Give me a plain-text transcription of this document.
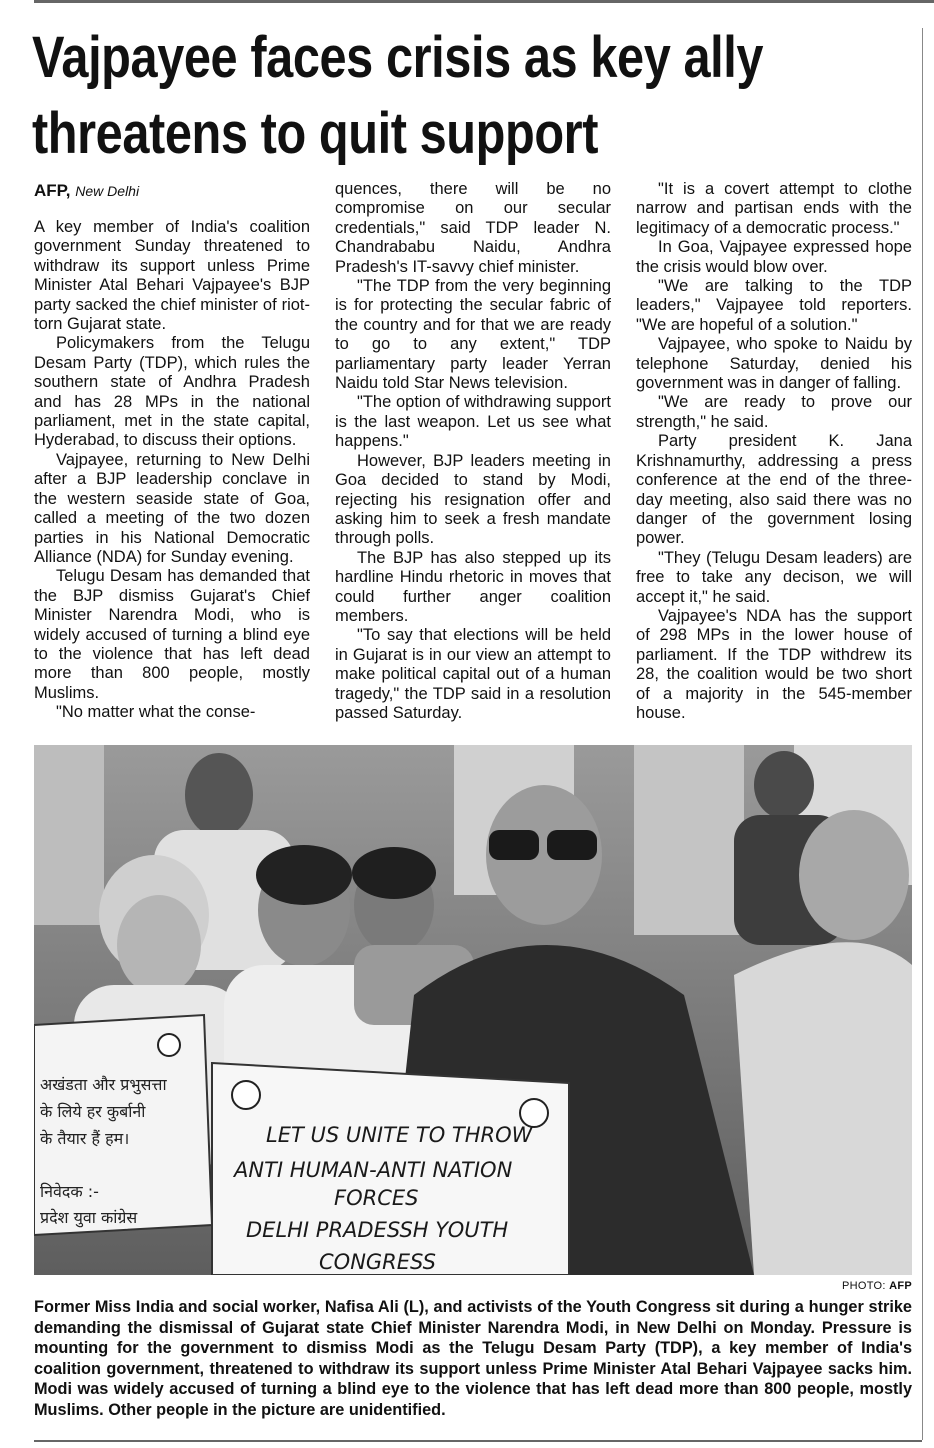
Vajpayee faces crisis as key ally
threatens to quit support
AFP, New Delhi

A key member of India's coalition government Sunday threatened to withdraw its support unless Prime Minister Atal Behari Vajpayee's BJP party sacked the chief minister of riot-torn Gujarat state.

Policymakers from the Telugu Desam Party (TDP), which rules the southern state of Andhra Pradesh and has 28 MPs in the national parliament, met in the state capital, Hyderabad, to discuss their options.

Vajpayee, returning to New Delhi after a BJP leadership conclave in the western seaside state of Goa, called a meeting of the two dozen parties in his National Democratic Alliance (NDA) for Sunday evening.

Telugu Desam has demanded that the BJP dismiss Gujarat's Chief Minister Narendra Modi, who is widely accused of turning a blind eye to the violence that has left dead more than 800 people, mostly Muslims.

"No matter what the conse-

quences, there will be no compromise on our secular credentials," said TDP leader N. Chandrababu Naidu, Andhra Pradesh's IT-savvy chief minister.

"The TDP from the very beginning is for protecting the secular fabric of the country and for that we are ready to go to any extent," TDP parliamentary party leader Yerran Naidu told Star News television.

"The option of withdrawing support is the last weapon. Let us see what happens."

However, BJP leaders meeting in Goa decided to stand by Modi, rejecting his resignation offer and asking him to seek a fresh mandate through polls.

The BJP has also stepped up its hardline Hindu rhetoric in moves that could further anger coalition members.

"To say that elections will be held in Gujarat is in our view an attempt to make political capital out of a human tragedy," the TDP said in a resolution passed Saturday.

"It is a covert attempt to clothe narrow and partisan ends with the legitimacy of a democratic process."

In Goa, Vajpayee expressed hope the crisis would blow over.

"We are talking to the TDP leaders," Vajpayee told reporters. "We are hopeful of a solution."

Vajpayee, who spoke to Naidu by telephone Saturday, denied his government was in danger of falling.

"We are ready to prove our strength," he said.

Party president K. Jana Krishnamurthy, addressing a press conference at the end of the three-day meeting, also said there was no danger of the government losing power.

"They (Telugu Desam leaders) are free to take any decison, we will accept it," he said.

Vajpayee's NDA has the support of 298 MPs in the lower house of parliament. If the TDP withdrew its 28, the coalition would be two short of a majority in the 545-member house.

अखंडता और प्रभुसत्ता के लिये हर कुर्बानी के तैयार हैं हम। निवेदक :- प्रदेश युवा कांग्रेस
LET US UNITE TO THROW ANTI HUMAN-ANTI NATION FORCES DELHI PRADESSH YOUTH CONGRESS
PHOTO: AFP

Former Miss India and social worker, Nafisa Ali (L), and activists of the Youth Congress sit during a hunger strike demanding the dismissal of Gujarat state Chief Minister Narendra Modi, in New Delhi on Monday. Pressure is mounting for the government to dismiss Modi as the Telugu Desam Party (TDP), a key member of India's coalition government, threatened to withdraw its support unless Prime Minister Atal Behari Vajpayee sacks him. Modi was widely accused of turning a blind eye to the violence that has left dead more than 800 people, mostly Muslims. Other people in the picture are unidentified.
